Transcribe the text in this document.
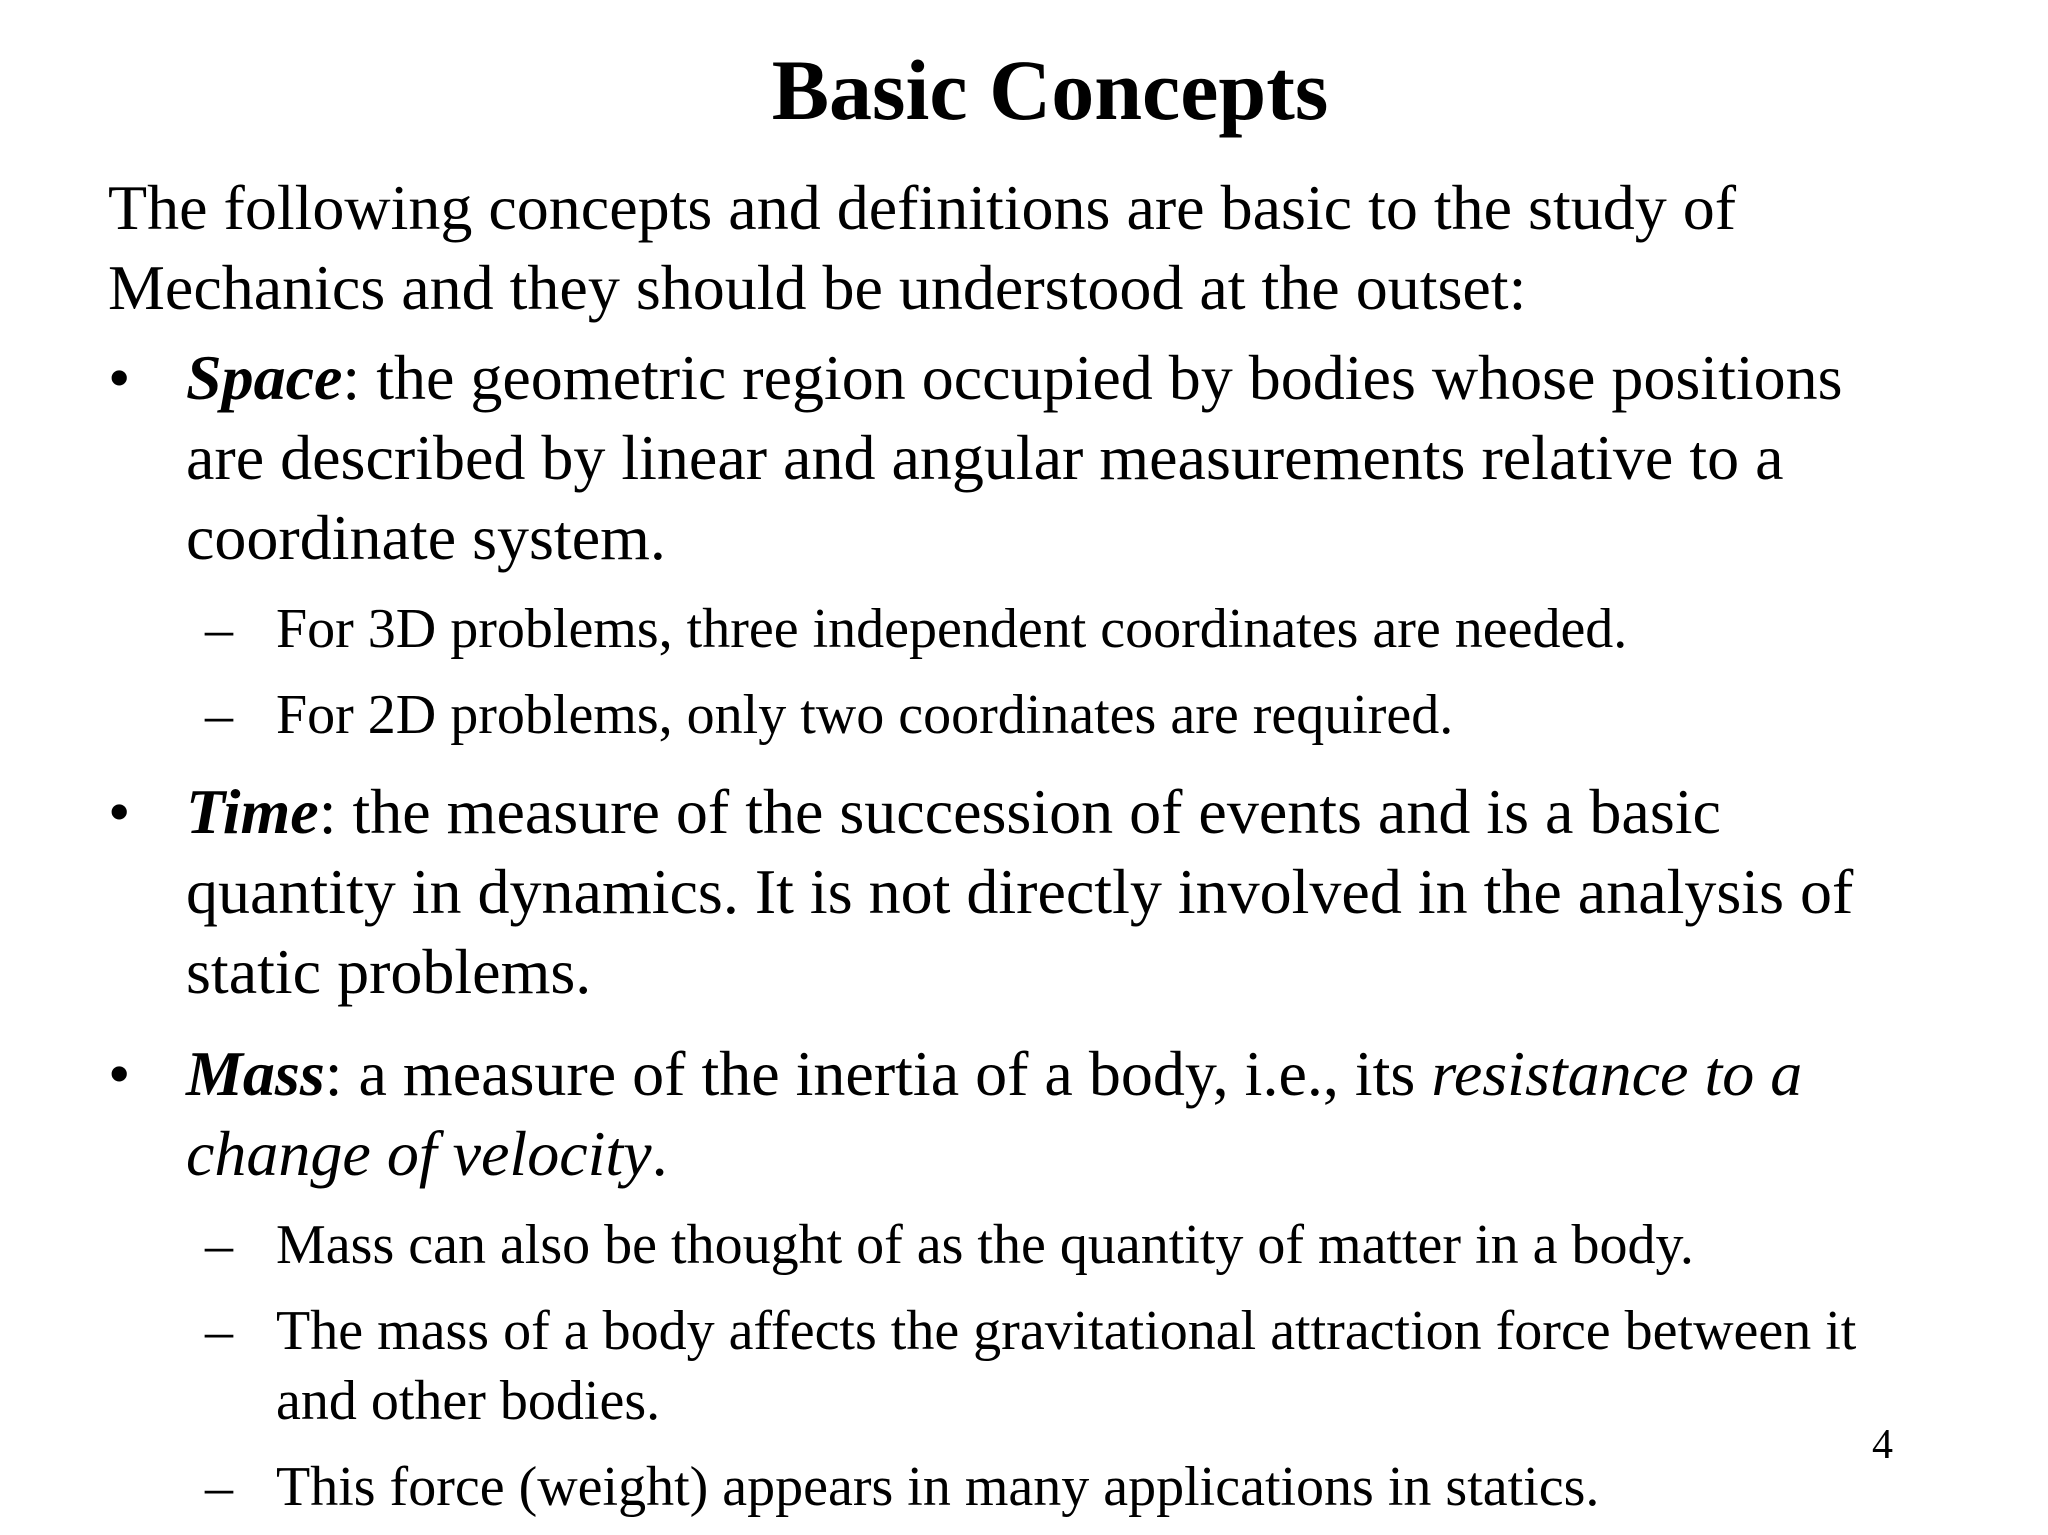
Basic Concepts

The following concepts and definitions are basic to the study of
Mechanics and they should be understood at the outset:

• Space: the geometric region occupied by bodies whose positions
are described by linear and angular measurements relative to a
coordinate system.
– For 3D problems, three independent coordinates are needed.
– For 2D problems, only two coordinates are required.
• Time: the measure of the succession of events and is a basic
quantity in dynamics. It is not directly involved in the analysis of
static problems.
• Mass: a measure of the inertia of a body, i.e., its resistance to a
change of velocity.
– Mass can also be thought of as the quantity of matter in a body.
– The mass of a body affects the gravitational attraction force between it
and other bodies.
– This force (weight) appears in many applications in statics.
4
